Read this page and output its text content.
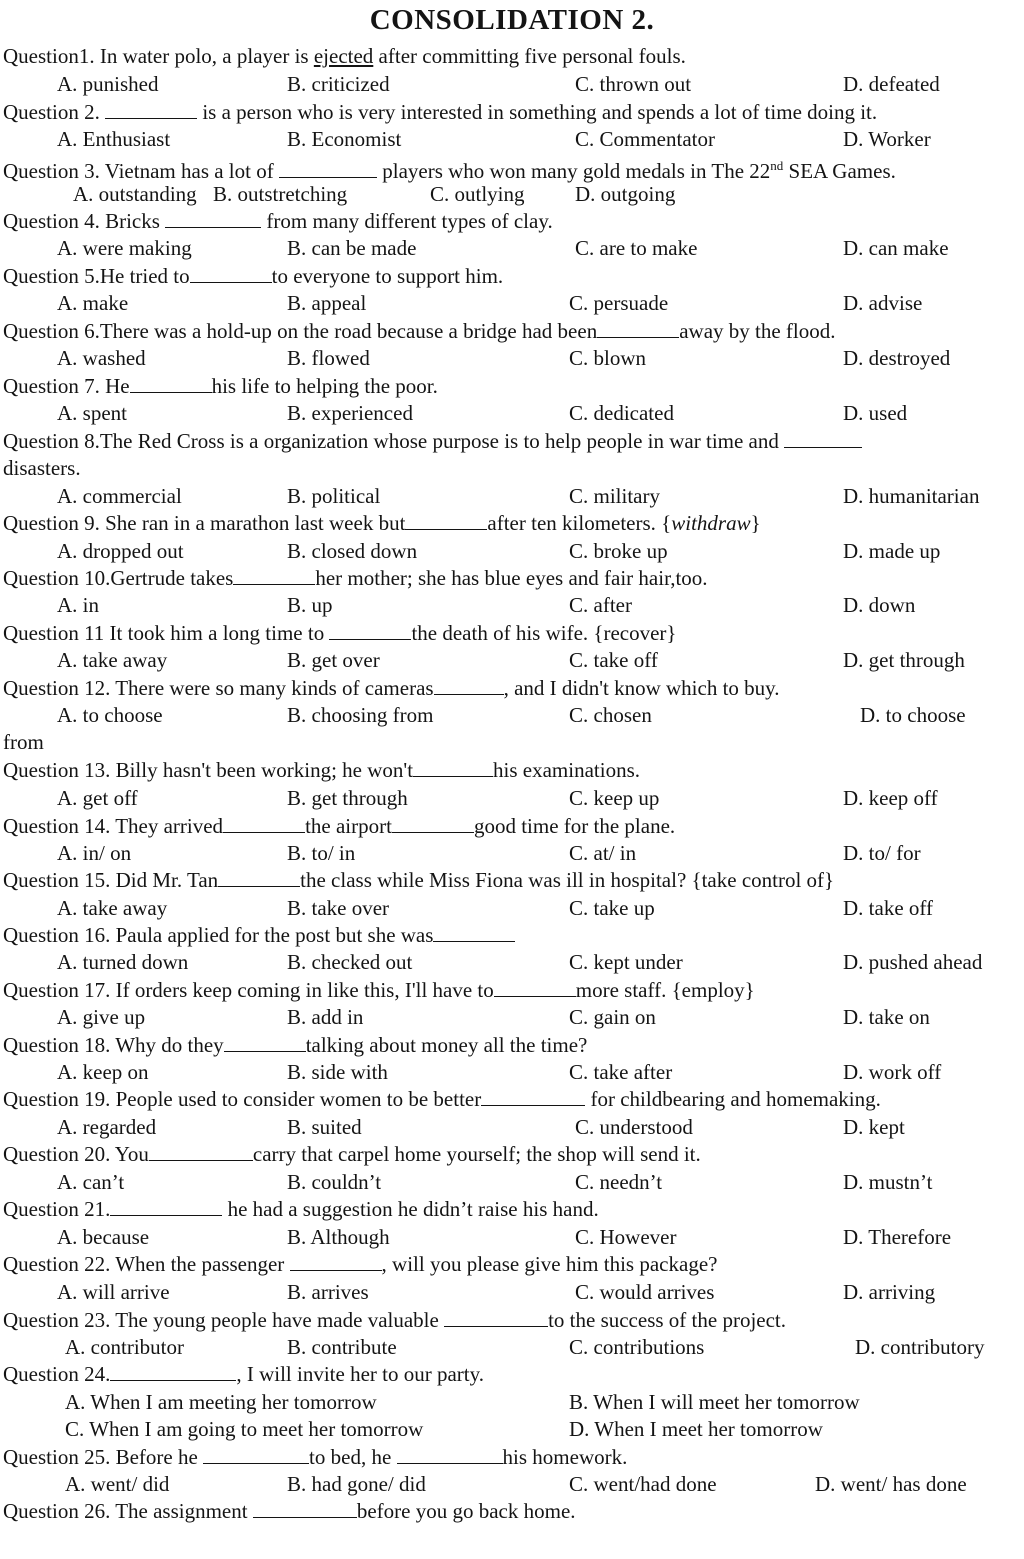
CONSOLIDATION 2.
Question1. In water polo, a player is ejected after committing five personal fouls.
A. punished	B. criticized	C. thrown out	D. defeated
Question 2.	is a person who is very interested in something and spends a lot of time doing it.
A. Enthusiast	B. Economist	C. Commentator	D. Worker
Question 3. Vietnam has a lot of	players who won many gold medals in The 22nd SEA Games.
A. outstanding B. outstretching	C. outlying D. outgoing
Question 4. Bricks	from many different types of clay.
A. were making	B. can be made	C. are to make	D. can make
Question 5.He tried to	to everyone to support him.
A. make	B. appeal	C. persuade	D. advise
Question 6.There was a hold-up on the road because a bridge had been	away by the flood.
A. washed	B. flowed	C. blown	D. destroyed
Question 7. He	his life to helping the poor.
A. spent	B. experienced	C. dedicated	D. used
Question 8.The Red Cross is a organization whose purpose is to help people in war time and
disasters.
A. commercial	B. political	C. military	D. humanitarian
Question 9. She ran in a marathon last week but	after ten kilometers. {withdraw}
A. dropped out	B. closed down	C. broke up	D. made up
Question 10.Gertrude takes	her mother; she has blue eyes and fair hair,too.
A. in	B. up	C. after	D. down
Question 11 It took him a long time to	the death of his wife. {recover}
A. take away	B. get over	C. take off	D. get through
Question 12. There were so many kinds of cameras	, and I didn't know which to buy.
A. to choose	B. choosing from	C. chosen	D. to choose
from
Question 13. Billy hasn't been working; he won't	his examinations.
A. get off	B. get through	C. keep up	D. keep off
Question 14. They arrived	the airport	good time for the plane.
A. in/ on	B. to/ in	C. at/ in	D. to/ for
Question 15. Did Mr. Tan	the class while Miss Fiona was ill in hospital? {take control of}
A. take away	B. take over	C. take up	D. take off
Question 16. Paula applied for the post but she was
A. turned down	B. checked out	C. kept under	D. pushed ahead
Question 17. If orders keep coming in like this, I'll have to	more staff. {employ}
A. give up	B. add in	C. gain on	D. take on
Question 18. Why do they	talking about money all the time?
A. keep on	B. side with	C. take after	D. work off
Question 19. People used to consider women to be better	for childbearing and homemaking.
A. regarded	B. suited	C. understood	D. kept
Question 20. You	carry that carpel home yourself; the shop will send it.
A. can’t	B. couldn’t	C. needn’t	D. mustn’t
Question 21.	he had a suggestion he didn’t raise his hand.
A. because	B. Although	C. However	D. Therefore
Question 22. When the passenger	, will you please give him this package?
A. will arrive	B. arrives	C. would arrives	D. arriving
Question 23. The young people have made valuable	to the success of the project.
A. contributor	B. contribute	C. contributions	D. contributory
Question 24.	, I will invite her to our party.
A. When I am meeting her tomorrow	B. When I will meet her tomorrow
C. When I am going to meet her tomorrow	D. When I meet her tomorrow
Question 25. Before he	to bed, he	his homework.
A. went/ did	B. had gone/ did	C. went/had done	D. went/ has done
Question 26. The assignment	before you go back home.
